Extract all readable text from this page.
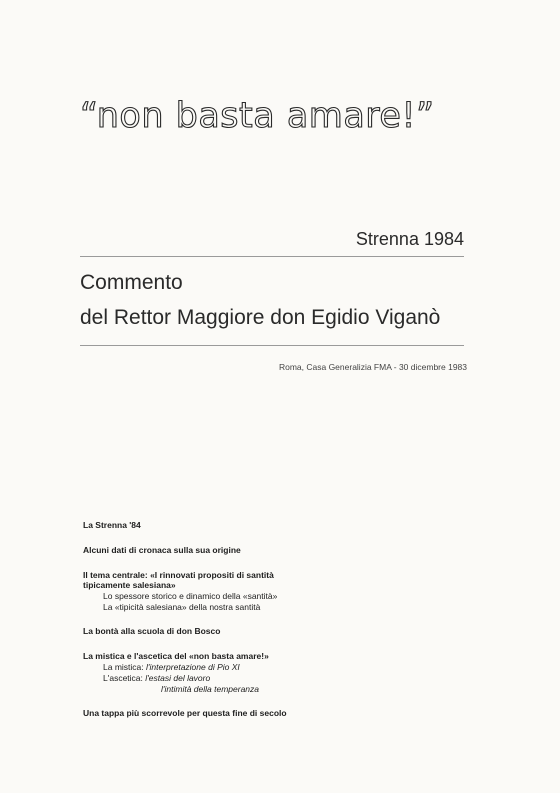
“non basta amare!”
Strenna 1984
Commento
del Rettor Maggiore don Egidio Viganò
Roma, Casa Generalizia FMA - 30 dicembre 1983
La Strenna '84
Alcuni dati di cronaca sulla sua origine
Il tema centrale: «I rinnovati propositi di santità
tipicamente salesiana»
Lo spessore storico e dinamico della «santità»
La «tipicità salesiana» della nostra santità
La bontà alla scuola di don Bosco
La mistica e l'ascetica del «non basta amare!»
La mistica: l'interpretazione di Pio XI
L'ascetica: l'estasi del lavoro
l'intimità della temperanza
Una tappa più scorrevole per questa fine di secolo
